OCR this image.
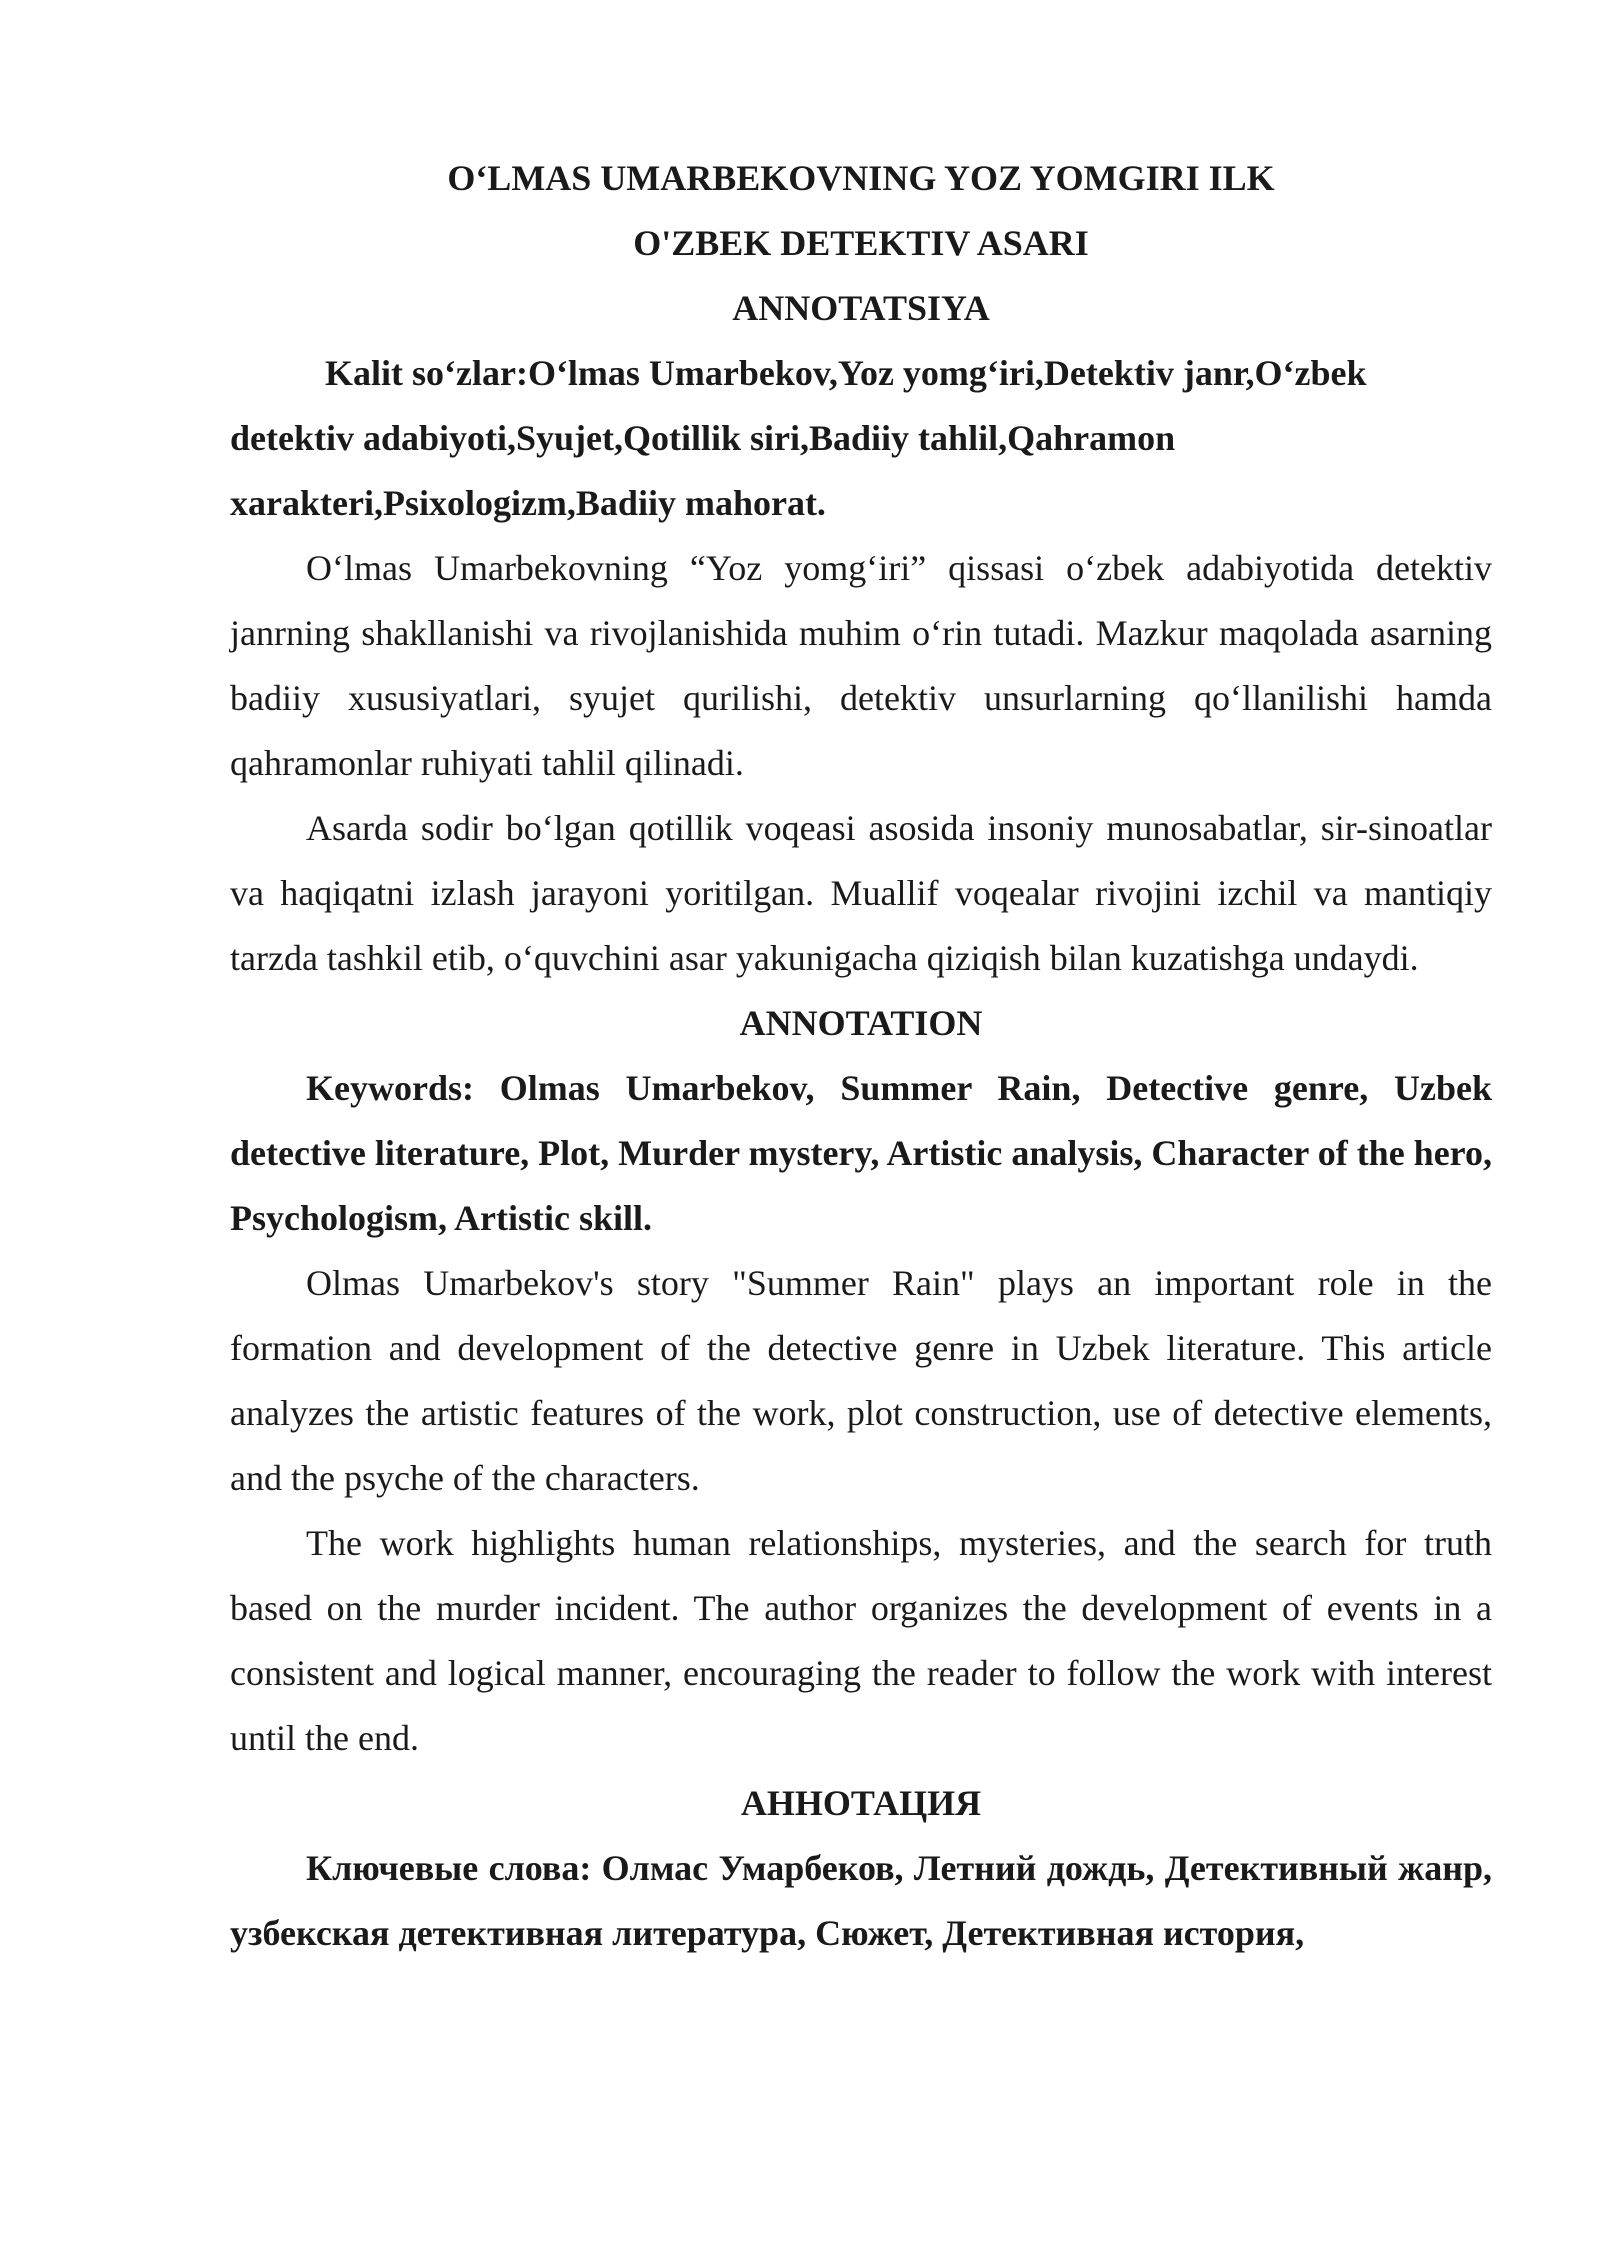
O‘LMAS UMARBEKOVNING YOZ YOMGIRI ILK

O'ZBEK DETEKTIV ASARI

ANNOTATSIYA

Kalit so‘zlar:O‘lmas Umarbekov,Yoz yomg‘iri,Detektiv janr,O‘zbek detektiv adabiyoti,Syujet,Qotillik siri,Badiiy tahlil,Qahramon xarakteri,Psixologizm,Badiiy mahorat.

O‘lmas Umarbekovning “Yoz yomg‘iri” qissasi o‘zbek adabiyotida detektiv janrning shakllanishi va rivojlanishida muhim o‘rin tutadi. Mazkur maqolada asarning badiiy xususiyatlari, syujet qurilishi, detektiv unsurlarning qo‘llanilishi hamda qahramonlar ruhiyati tahlil qilinadi.

Asarda sodir bo‘lgan qotillik voqeasi asosida insoniy munosabatlar, sir-sinoatlar va haqiqatni izlash jarayoni yoritilgan. Muallif voqealar rivojini izchil va mantiqiy tarzda tashkil etib, o‘quvchini asar yakunigacha qiziqish bilan kuzatishga undaydi.

ANNOTATION

Keywords: Olmas Umarbekov, Summer Rain, Detective genre, Uzbek detective literature, Plot, Murder mystery, Artistic analysis, Character of the hero, Psychologism, Artistic skill.

Olmas Umarbekov's story "Summer Rain" plays an important role in the formation and development of the detective genre in Uzbek literature. This article analyzes the artistic features of the work, plot construction, use of detective elements, and the psyche of the characters.

The work highlights human relationships, mysteries, and the search for truth based on the murder incident. The author organizes the development of events in a consistent and logical manner, encouraging the reader to follow the work with interest until the end.

АННОТАЦИЯ

Ключевые слова: Олмас Умарбеков, Летний дождь, Детективный жанр, узбекская детективная литература, Сюжет, Детективная история,
